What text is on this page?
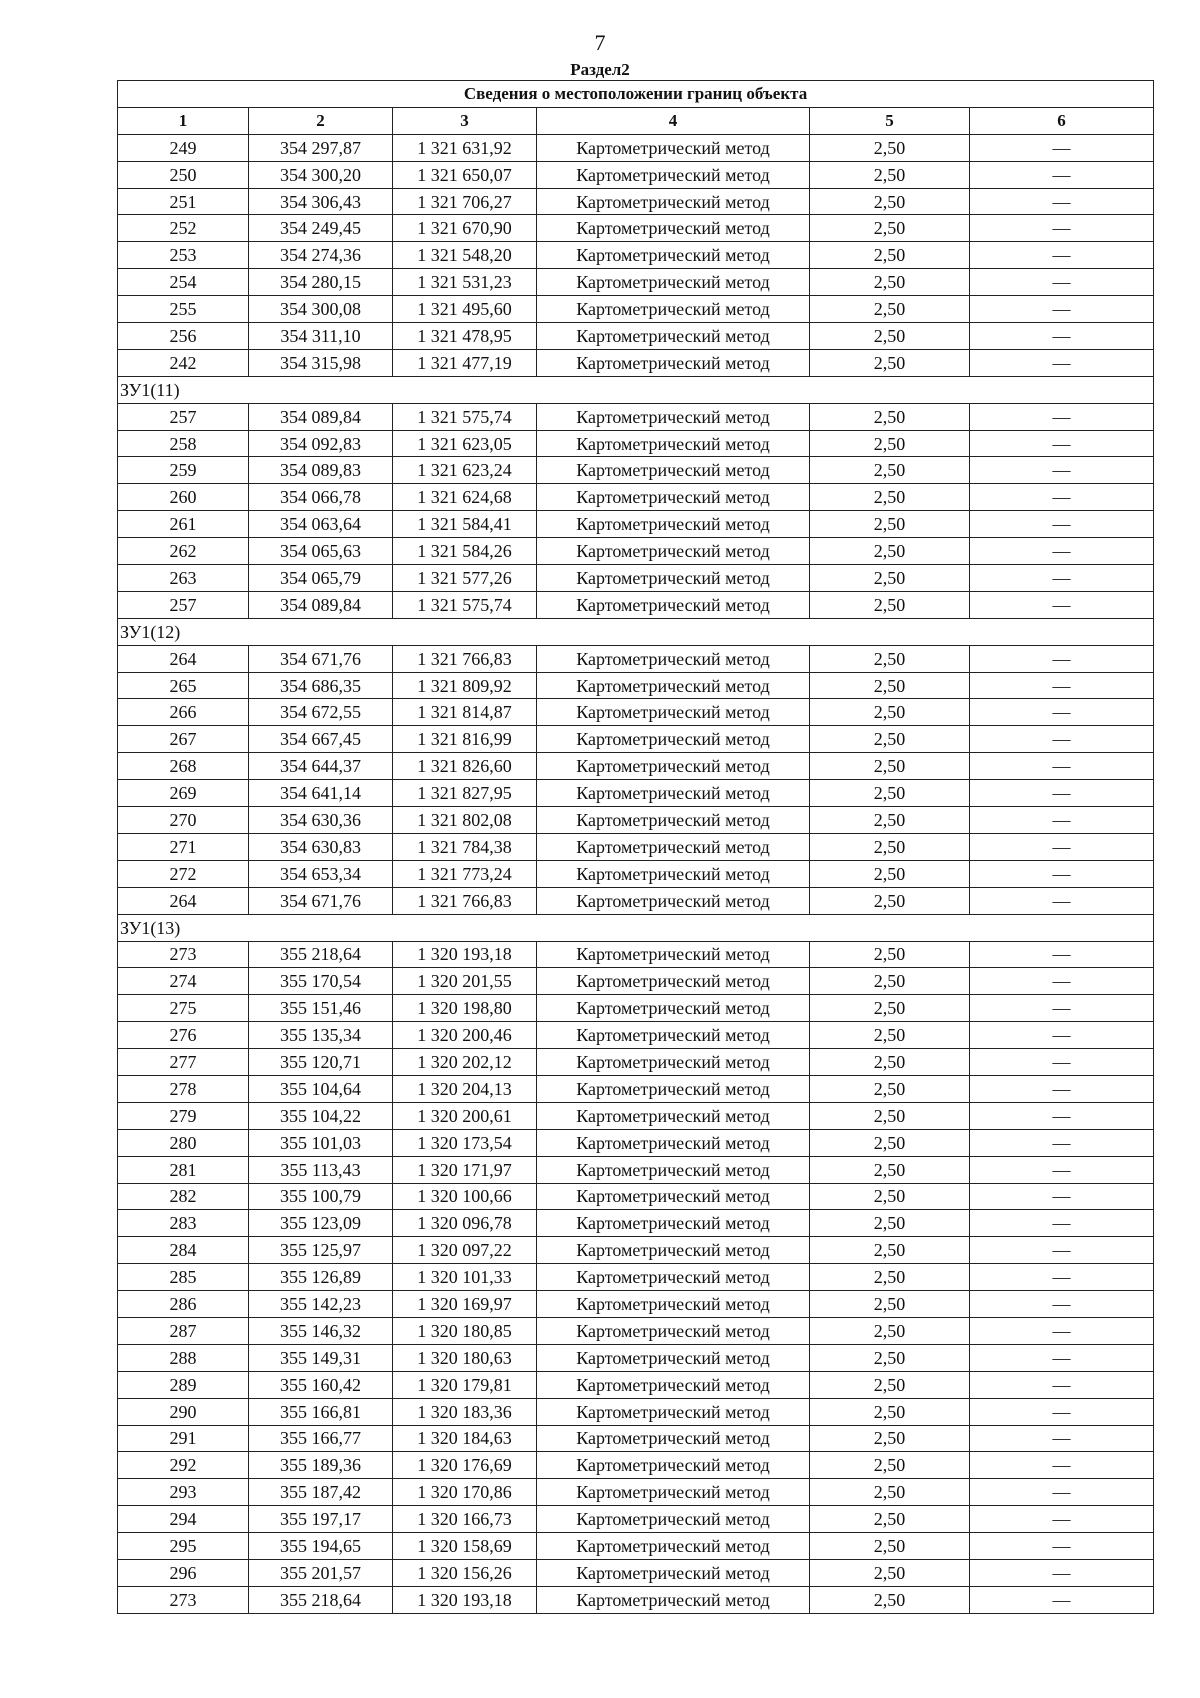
7
Раздел2
Сведения о местоположении границ объекта					
1	2	3	4	5	6
249	354 297,87	1 321 631,92	Картометрический метод	2,50	—
250	354 300,20	1 321 650,07	Картометрический метод	2,50	—
251	354 306,43	1 321 706,27	Картометрический метод	2,50	—
252	354 249,45	1 321 670,90	Картометрический метод	2,50	—
253	354 274,36	1 321 548,20	Картометрический метод	2,50	—
254	354 280,15	1 321 531,23	Картометрический метод	2,50	—
255	354 300,08	1 321 495,60	Картометрический метод	2,50	—
256	354 311,10	1 321 478,95	Картометрический метод	2,50	—
242	354 315,98	1 321 477,19	Картометрический метод	2,50	—
ЗУ1(11)					
257	354 089,84	1 321 575,74	Картометрический метод	2,50	—
258	354 092,83	1 321 623,05	Картометрический метод	2,50	—
259	354 089,83	1 321 623,24	Картометрический метод	2,50	—
260	354 066,78	1 321 624,68	Картометрический метод	2,50	—
261	354 063,64	1 321 584,41	Картометрический метод	2,50	—
262	354 065,63	1 321 584,26	Картометрический метод	2,50	—
263	354 065,79	1 321 577,26	Картометрический метод	2,50	—
257	354 089,84	1 321 575,74	Картометрический метод	2,50	—
ЗУ1(12)					
264	354 671,76	1 321 766,83	Картометрический метод	2,50	—
265	354 686,35	1 321 809,92	Картометрический метод	2,50	—
266	354 672,55	1 321 814,87	Картометрический метод	2,50	—
267	354 667,45	1 321 816,99	Картометрический метод	2,50	—
268	354 644,37	1 321 826,60	Картометрический метод	2,50	—
269	354 641,14	1 321 827,95	Картометрический метод	2,50	—
270	354 630,36	1 321 802,08	Картометрический метод	2,50	—
271	354 630,83	1 321 784,38	Картометрический метод	2,50	—
272	354 653,34	1 321 773,24	Картометрический метод	2,50	—
264	354 671,76	1 321 766,83	Картометрический метод	2,50	—
ЗУ1(13)					
273	355 218,64	1 320 193,18	Картометрический метод	2,50	—
274	355 170,54	1 320 201,55	Картометрический метод	2,50	—
275	355 151,46	1 320 198,80	Картометрический метод	2,50	—
276	355 135,34	1 320 200,46	Картометрический метод	2,50	—
277	355 120,71	1 320 202,12	Картометрический метод	2,50	—
278	355 104,64	1 320 204,13	Картометрический метод	2,50	—
279	355 104,22	1 320 200,61	Картометрический метод	2,50	—
280	355 101,03	1 320 173,54	Картометрический метод	2,50	—
281	355 113,43	1 320 171,97	Картометрический метод	2,50	—
282	355 100,79	1 320 100,66	Картометрический метод	2,50	—
283	355 123,09	1 320 096,78	Картометрический метод	2,50	—
284	355 125,97	1 320 097,22	Картометрический метод	2,50	—
285	355 126,89	1 320 101,33	Картометрический метод	2,50	—
286	355 142,23	1 320 169,97	Картометрический метод	2,50	—
287	355 146,32	1 320 180,85	Картометрический метод	2,50	—
288	355 149,31	1 320 180,63	Картометрический метод	2,50	—
289	355 160,42	1 320 179,81	Картометрический метод	2,50	—
290	355 166,81	1 320 183,36	Картометрический метод	2,50	—
291	355 166,77	1 320 184,63	Картометрический метод	2,50	—
292	355 189,36	1 320 176,69	Картометрический метод	2,50	—
293	355 187,42	1 320 170,86	Картометрический метод	2,50	—
294	355 197,17	1 320 166,73	Картометрический метод	2,50	—
295	355 194,65	1 320 158,69	Картометрический метод	2,50	—
296	355 201,57	1 320 156,26	Картометрический метод	2,50	—
273	355 218,64	1 320 193,18	Картометрический метод	2,50	—
